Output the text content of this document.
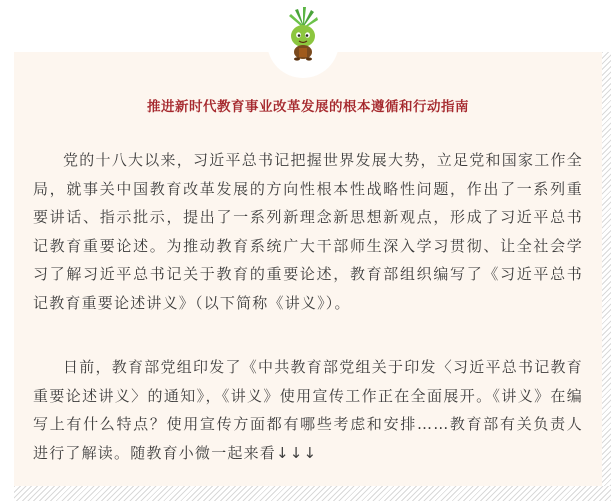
推进新时代教育事业改革发展的根本遵循和行动指南

党的十八大以来，习近平总书记把握世界发展大势，立足党和国家工作全局，就事关中国教育改革发展的方向性根本性战略性问题，作出了一系列重要讲话、指示批示，提出了一系列新理念新思想新观点，形成了习近平总书记教育重要论述。为推动教育系统广大干部师生深入学习贯彻、让全社会学习了解习近平总书记关于教育的重要论述，教育部组织编写了《习近平总书记教育重要论述讲义》（以下简称《讲义》）。

日前，教育部党组印发了《中共教育部党组关于印发〈习近平总书记教育重要论述讲义〉的通知》，《讲义》使用宣传工作正在全面展开。《讲义》在编写上有什么特点？使用宣传方面都有哪些考虑和安排……教育部有关负责人进行了解读。随教育小微一起来看↓↓↓
